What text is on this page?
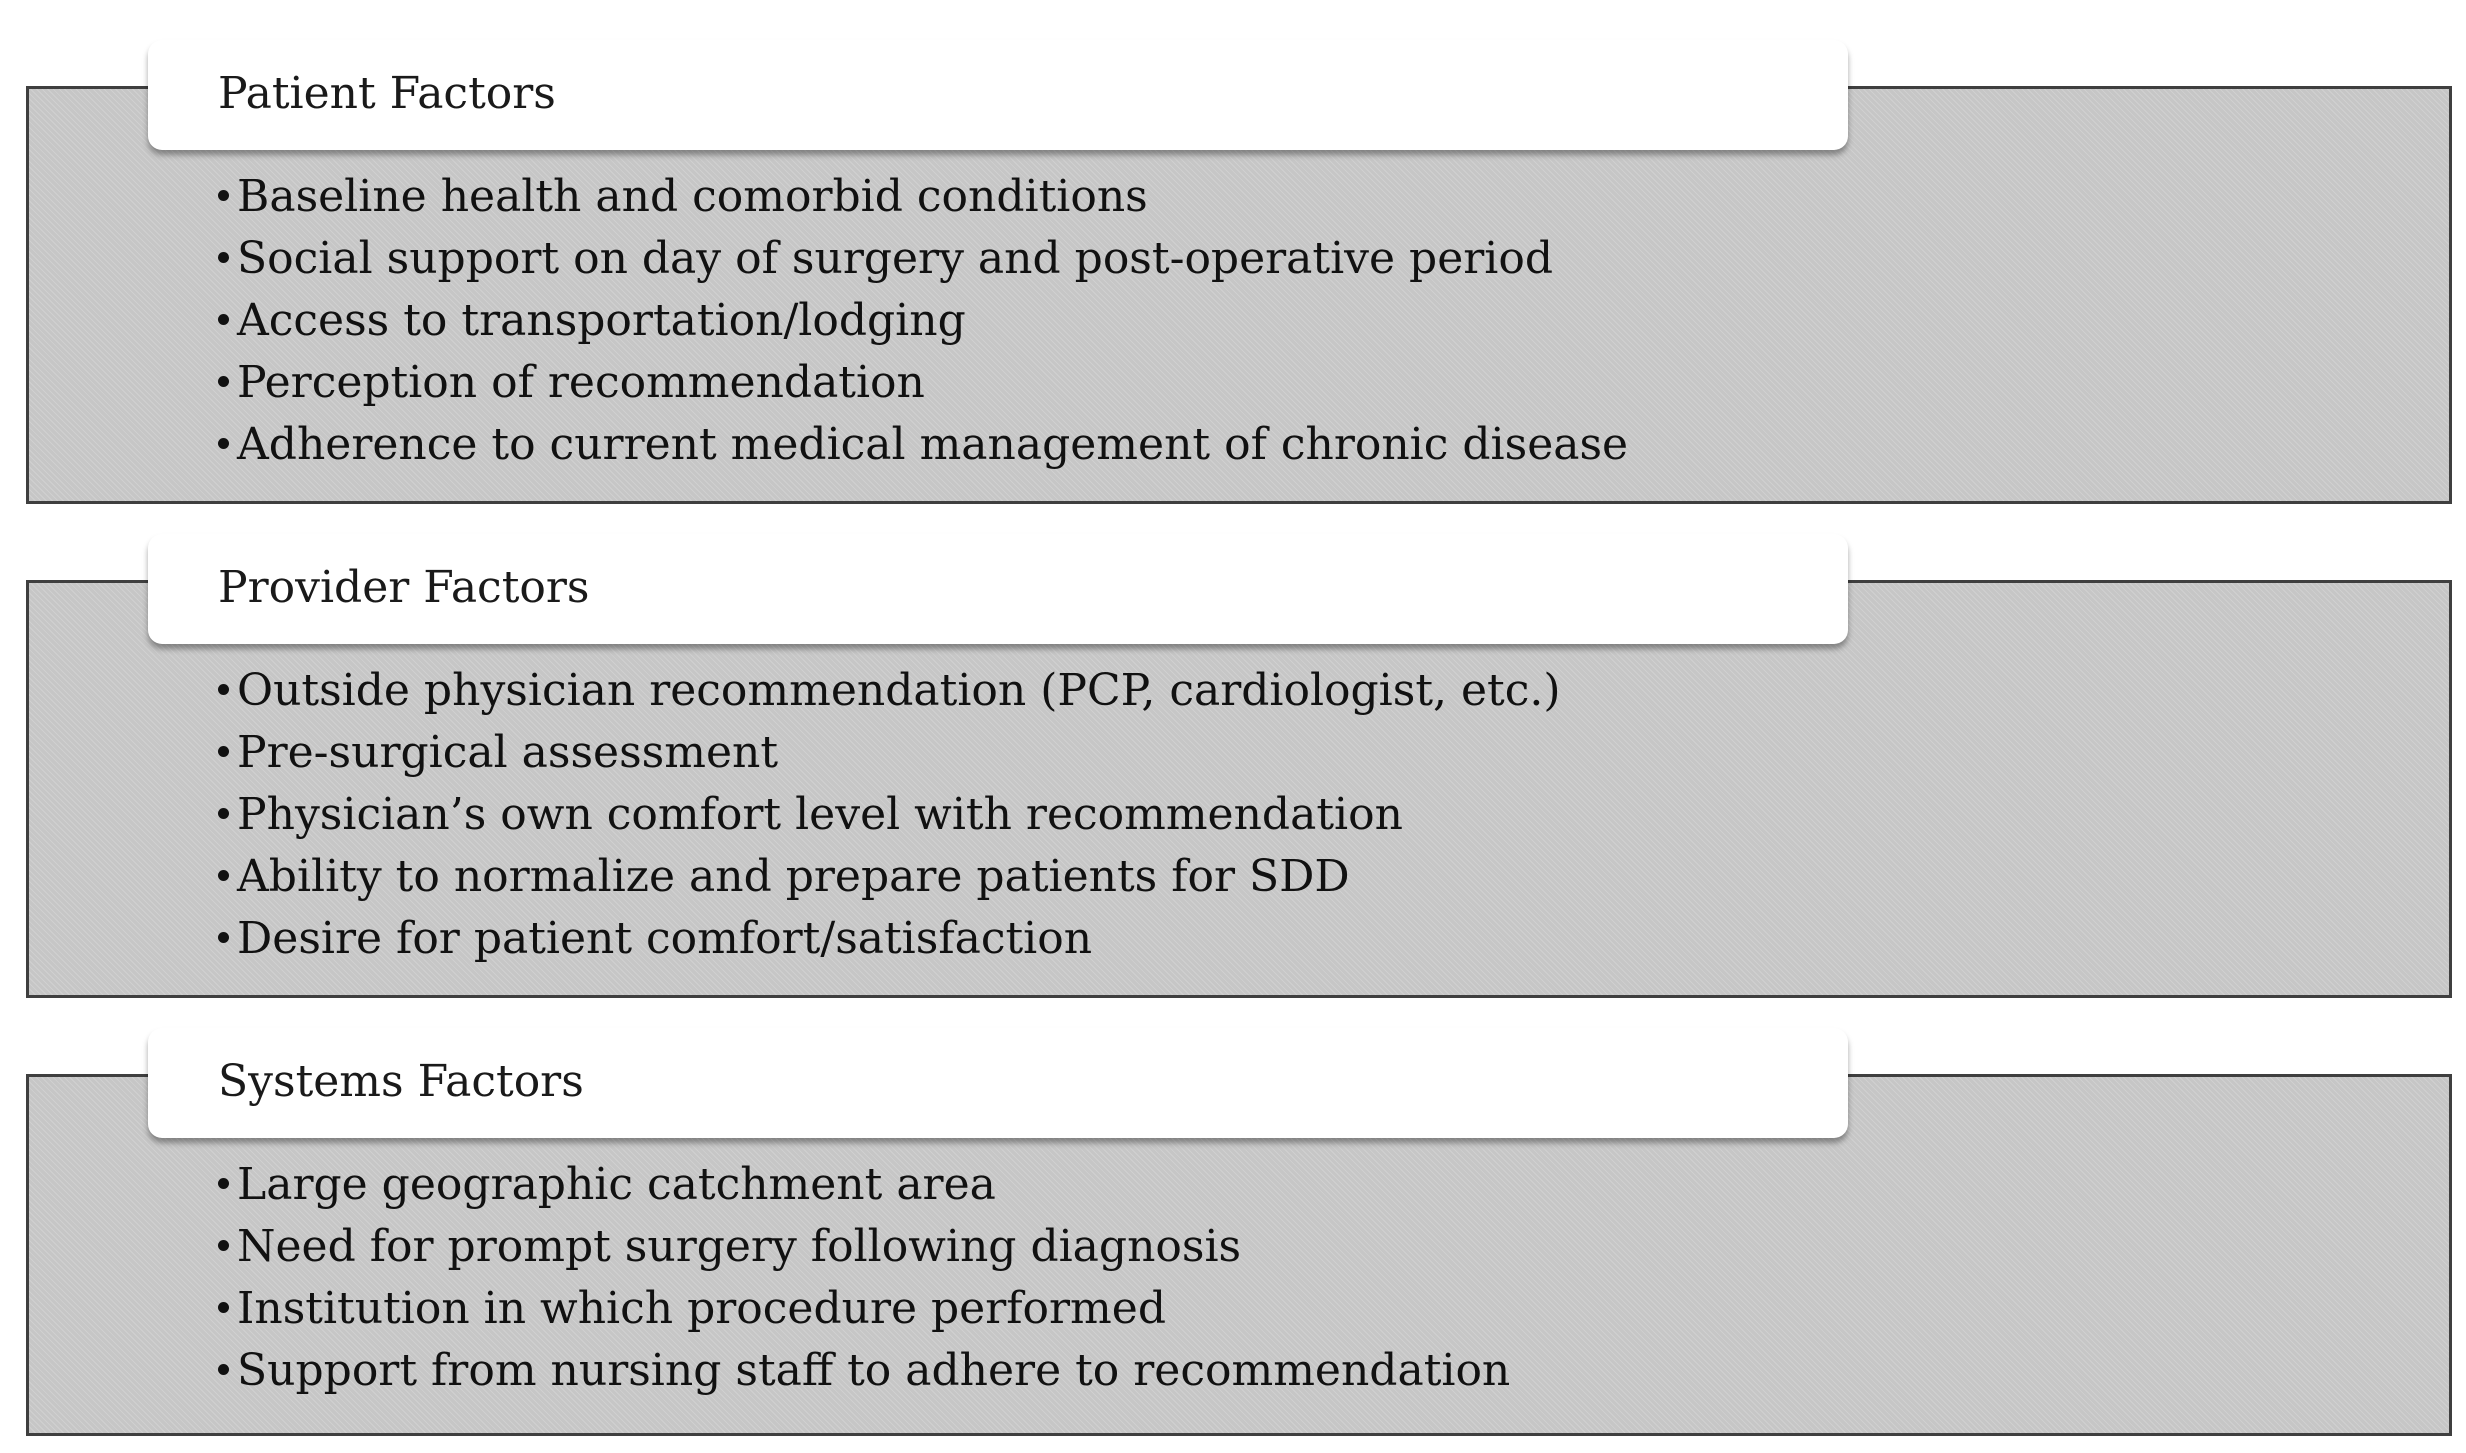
Patient Factors
Baseline health and comorbid conditions
Social support on day of surgery and post-operative period
Access to transportation/lodging
Perception of recommendation
Adherence to current medical management of chronic disease
Provider Factors
Outside physician recommendation (PCP, cardiologist, etc.)
Pre-surgical assessment
Physician’s own comfort level with recommendation
Ability to normalize and prepare patients for SDD
Desire for patient comfort/satisfaction
Systems Factors
Large geographic catchment area
Need for prompt surgery following diagnosis
Institution in which procedure performed
Support from nursing staff to adhere to recommendation
